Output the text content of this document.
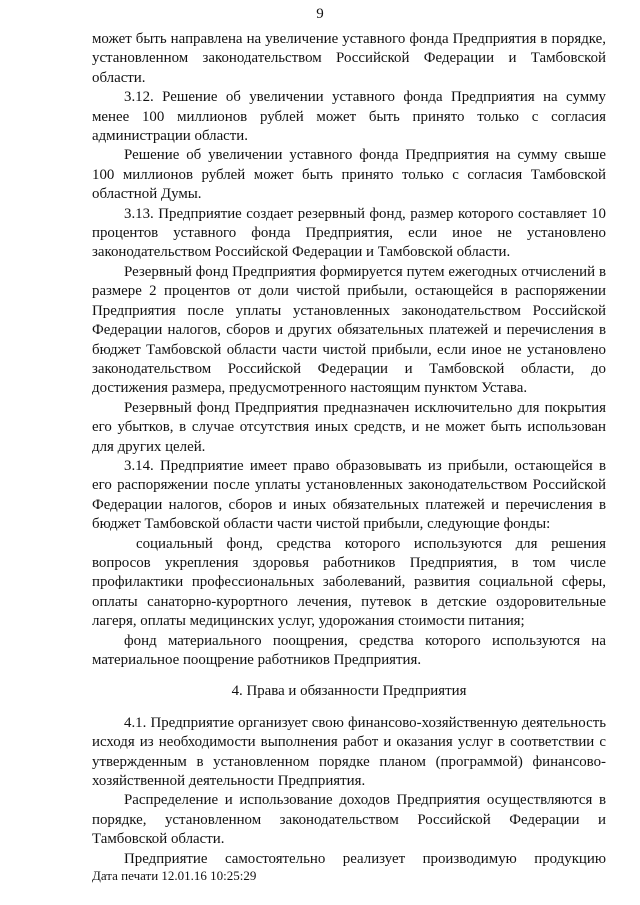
9

может быть направлена на увеличение уставного фонда Предприятия в порядке, установленном законодательством Российской Федерации и Тамбовской области.

3.12. Решение об увеличении уставного фонда Предприятия на сумму менее 100 миллионов рублей может быть принято только с согласия администрации области.

Решение об увеличении уставного фонда Предприятия на сумму свыше 100 миллионов рублей может быть принято только с согласия Тамбовской областной Думы.

3.13. Предприятие создает резервный фонд, размер которого составляет 10 процентов уставного фонда Предприятия, если иное не установлено законодательством Российской Федерации и Тамбовской области.

Резервный фонд Предприятия формируется путем ежегодных отчислений в размере 2 процентов от доли чистой прибыли, остающейся в распоряжении Предприятия после уплаты установленных законодательством Российской Федерации налогов, сборов и других обязательных платежей и перечисления в бюджет Тамбовской области части чистой прибыли, если иное не установлено законодательством Российской Федерации и Тамбовской области, до достижения размера, предусмотренного настоящим пунктом Устава.

Резервный фонд Предприятия предназначен исключительно для покрытия его убытков, в случае отсутствия иных средств, и не может быть использован для других целей.

3.14. Предприятие имеет право образовывать из прибыли, остающейся в его распоряжении после уплаты установленных законодательством Российской Федерации налогов, сборов и иных обязательных платежей и перечисления в бюджет Тамбовской области части чистой прибыли, следующие фонды:

социальный фонд, средства которого используются для решения вопросов укрепления здоровья работников Предприятия, в том числе профилактики профессиональных заболеваний, развития социальной сферы, оплаты санаторно-курортного лечения, путевок в детские оздоровительные лагеря, оплаты медицинских услуг, удорожания стоимости питания;

фонд материального поощрения, средства которого используются на материальное поощрение работников Предприятия.

4. Права и обязанности Предприятия

4.1. Предприятие организует свою финансово-хозяйственную деятельность исходя из необходимости выполнения работ и оказания услуг в соответствии с утвержденным в установленном порядке планом (программой) финансово-хозяйственной деятельности Предприятия.

Распределение и использование доходов Предприятия осуществляются в порядке, установленном законодательством Российской Федерации и Тамбовской области.

Предприятие самостоятельно реализует производимую продукцию

Дата печати 12.01.16 10:25:29
